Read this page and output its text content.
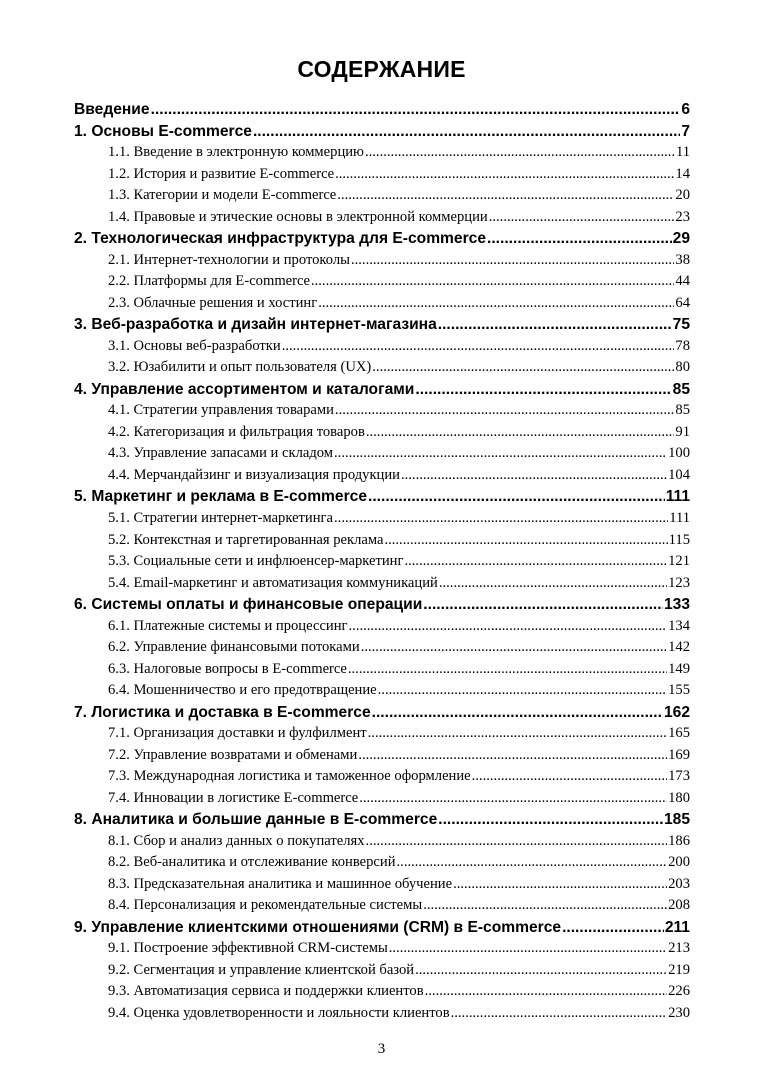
СОДЕРЖАНИЕ
Введение .....	6
1. Основы E-commerce .....	7
1.1. Введение в электронную коммерцию .....	11
1.2. История и развитие E-commerce .....	14
1.3. Категории и модели E-commerce .....	20
1.4. Правовые и этические основы в электронной коммерции .....	23
2. Технологическая инфраструктура для E-commerce .....	29
2.1. Интернет-технологии и протоколы .....	38
2.2. Платформы для E-commerce .....	44
2.3. Облачные решения и хостинг .....	64
3. Веб-разработка и дизайн интернет-магазина .....	75
3.1. Основы веб-разработки .....	78
3.2. Юзабилити и опыт пользователя (UX) .....	80
4. Управление ассортиментом и каталогами .....	85
4.1. Стратегии управления товарами .....	85
4.2. Категоризация и фильтрация товаров .....	91
4.3. Управление запасами и складом .....	100
4.4. Мерчандайзинг и визуализация продукции .....	104
5. Маркетинг и реклама в E-commerce .....	111
5.1. Стратегии интернет-маркетинга .....	111
5.2. Контекстная и таргетированная реклама .....	115
5.3. Социальные сети и инфлюенсер-маркетинг .....	121
5.4. Email-маркетинг и автоматизация коммуникаций .....	123
6. Системы оплаты и финансовые операции .....	133
6.1. Платежные системы и процессинг .....	134
6.2. Управление финансовыми потоками .....	142
6.3. Налоговые вопросы в E-commerce .....	149
6.4. Мошенничество и его предотвращение .....	155
7. Логистика и доставка в E-commerce .....	162
7.1. Организация доставки и фулфилмент .....	165
7.2. Управление возвратами и обменами .....	169
7.3. Международная логистика и таможенное оформление .....	173
7.4. Инновации в логистике E-commerce .....	180
8. Аналитика и большие данные в E-commerce .....	185
8.1. Сбор и анализ данных о покупателях .....	186
8.2. Веб-аналитика и отслеживание конверсий .....	200
8.3. Предсказательная аналитика и машинное обучение .....	203
8.4. Персонализация и рекомендательные системы .....	208
9. Управление клиентскими отношениями (CRM) в E-commerce .....	211
9.1. Построение эффективной CRM-системы .....	213
9.2. Сегментация и управление клиентской базой .....	219
9.3. Автоматизация сервиса и поддержки клиентов .....	226
9.4. Оценка удовлетворенности и лояльности клиентов .....	230
3
